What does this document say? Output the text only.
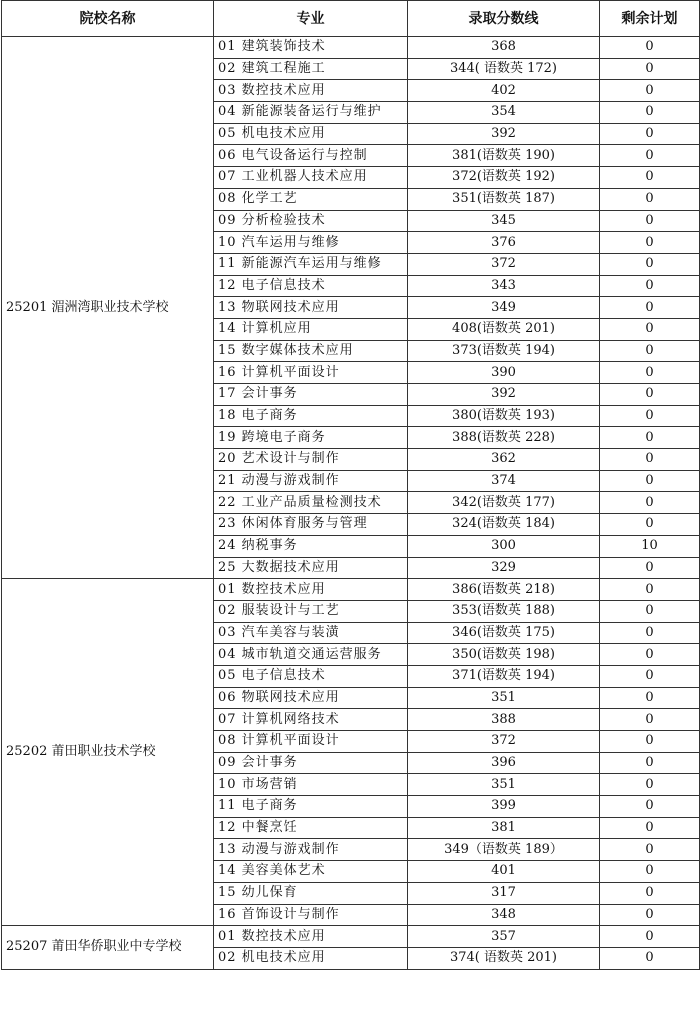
院校名称	专业	录取分数线	剩余计划
25201 湄洲湾职业技术学校	01 建筑装饰技术	368	0
	02 建筑工程施工	344( 语数英 172)	0
	03 数控技术应用	402	0
	04 新能源装备运行与维护	354	0
	05 机电技术应用	392	0
	06 电气设备运行与控制	381(语数英 190)	0
	07 工业机器人技术应用	372(语数英 192)	0
	08 化学工艺	351(语数英 187)	0
	09 分析检验技术	345	0
	10 汽车运用与维修	376	0
	11 新能源汽车运用与维修	372	0
	12 电子信息技术	343	0
	13 物联网技术应用	349	0
	14 计算机应用	408(语数英 201)	0
	15 数字媒体技术应用	373(语数英 194)	0
	16 计算机平面设计	390	0
	17 会计事务	392	0
	18 电子商务	380(语数英 193)	0
	19 跨境电子商务	388(语数英 228)	0
	20 艺术设计与制作	362	0
	21 动漫与游戏制作	374	0
	22 工业产品质量检测技术	342(语数英 177)	0
	23 休闲体育服务与管理	324(语数英 184)	0
	24 纳税事务	300	10
	25 大数据技术应用	329	0
25202 莆田职业技术学校	01 数控技术应用	386(语数英 218)	0
	02 服装设计与工艺	353(语数英 188)	0
	03 汽车美容与装潢	346(语数英 175)	0
	04 城市轨道交通运营服务	350(语数英 198)	0
	05 电子信息技术	371(语数英 194)	0
	06 物联网技术应用	351	0
	07 计算机网络技术	388	0
	08 计算机平面设计	372	0
	09 会计事务	396	0
	10 市场营销	351	0
	11 电子商务	399	0
	12 中餐烹饪	381	0
	13 动漫与游戏制作	349（语数英 189）	0
	14 美容美体艺术	401	0
	15 幼儿保育	317	0
	16 首饰设计与制作	348	0
25207 莆田华侨职业中专学校	01 数控技术应用	357	0
	02 机电技术应用	374( 语数英 201)	0
